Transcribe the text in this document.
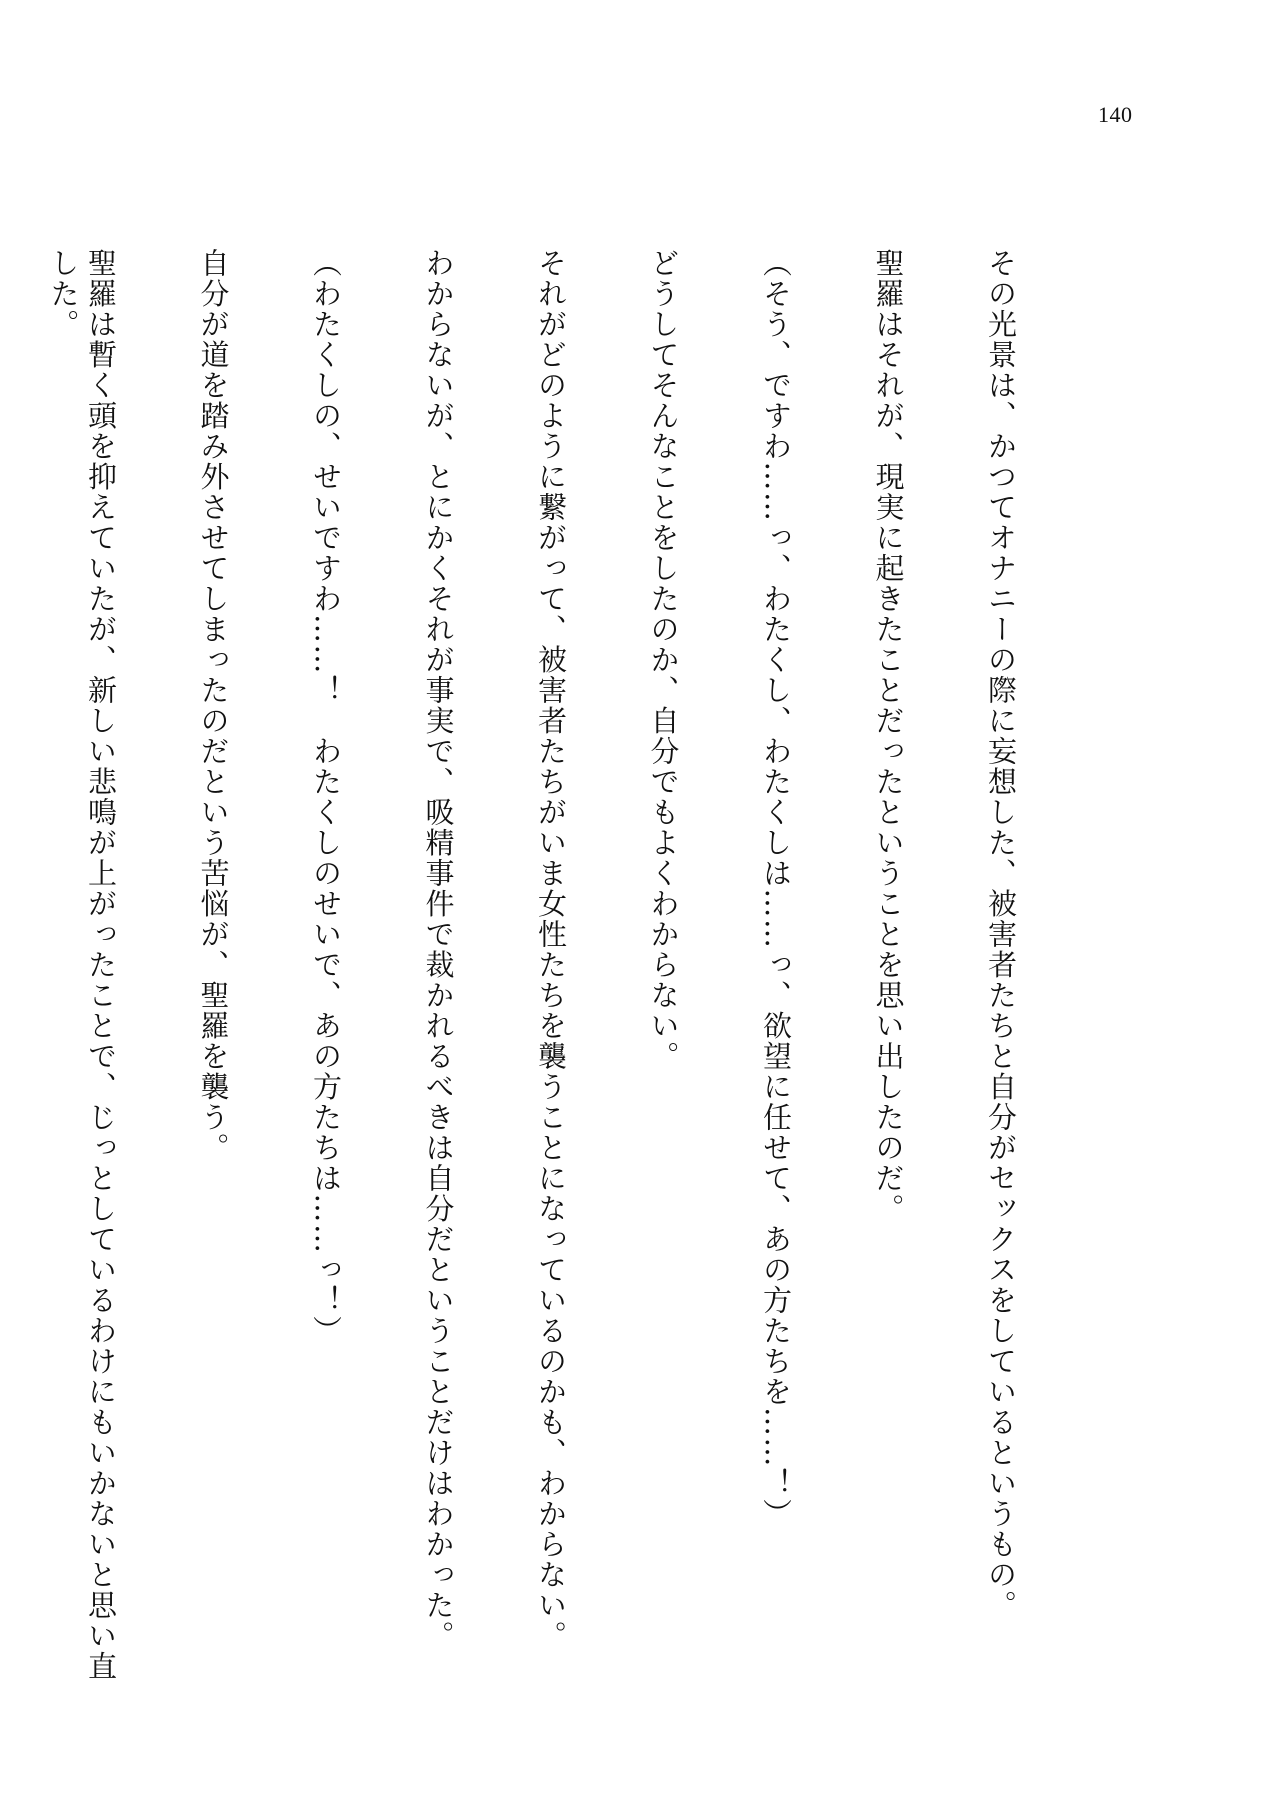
140

その光景は、かつてオナニーの際に妄想した、被害者たちと自分がセックスをしているというもの。

聖羅はそれが、現実に起きたことだったということを思い出したのだ。

（そう、ですわ……っ、わたくし、わたくしは……っ、欲望に任せて、あの方たちを……！）

どうしてそんなことをしたのか、自分でもよくわからない。

それがどのように繋がって、被害者たちがいま女性たちを襲うことになっているのかも、わからない。

わからないが、とにかくそれが事実で、吸精事件で裁かれるべきは自分だということだけはわかった。

（わたくしの、せいですわ……！　わたくしのせいで、あの方たちは……っ！）

自分が道を踏み外させてしまったのだという苦悩が、聖羅を襲う。

聖羅は暫く頭を抑えていたが、新しい悲鳴が上がったことで、じっとしているわけにもいかないと思い直した。
